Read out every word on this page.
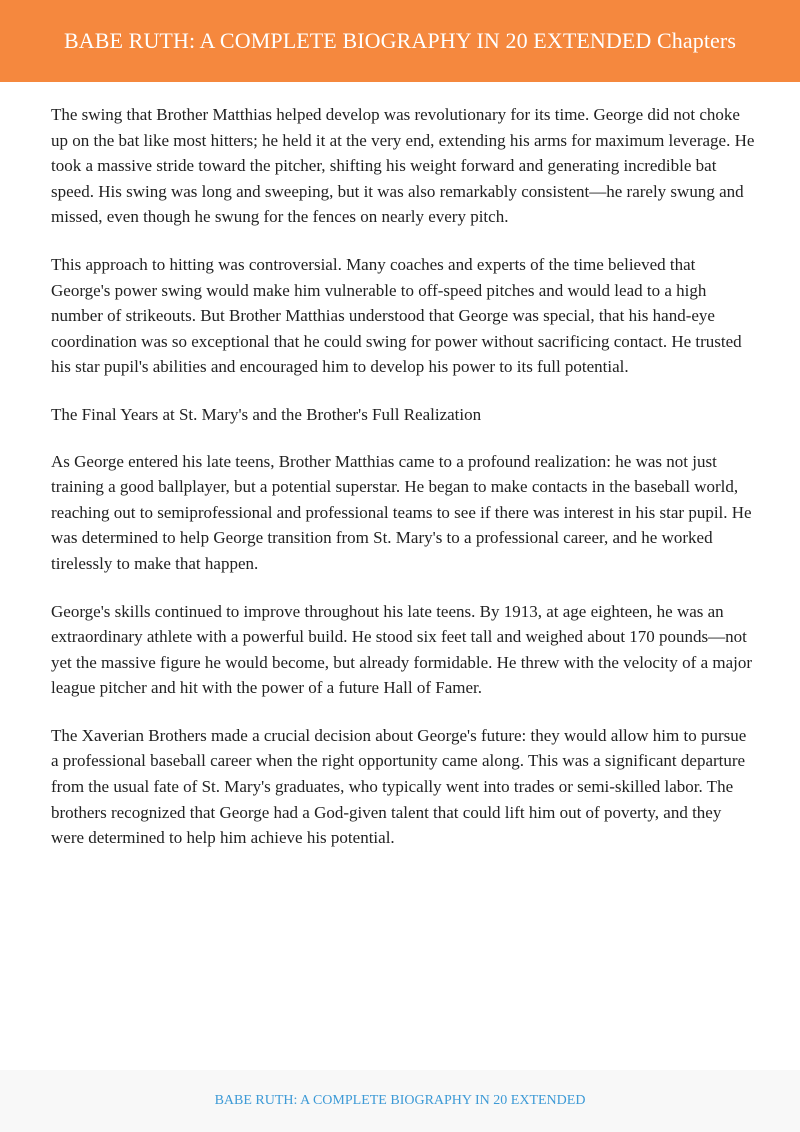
BABE RUTH: A COMPLETE BIOGRAPHY IN 20 EXTENDED Chapters

The swing that Brother Matthias helped develop was revolutionary for its time. George did not choke up on the bat like most hitters; he held it at the very end, extending his arms for maximum leverage. He took a massive stride toward the pitcher, shifting his weight forward and generating incredible bat speed. His swing was long and sweeping, but it was also remarkably consistent—he rarely swung and missed, even though he swung for the fences on nearly every pitch.

This approach to hitting was controversial. Many coaches and experts of the time believed that George's power swing would make him vulnerable to off-speed pitches and would lead to a high number of strikeouts. But Brother Matthias understood that George was special, that his hand-eye coordination was so exceptional that he could swing for power without sacrificing contact. He trusted his star pupil's abilities and encouraged him to develop his power to its full potential.

The Final Years at St. Mary's and the Brother's Full Realization

As George entered his late teens, Brother Matthias came to a profound realization: he was not just training a good ballplayer, but a potential superstar. He began to make contacts in the baseball world, reaching out to semiprofessional and professional teams to see if there was interest in his star pupil. He was determined to help George transition from St. Mary's to a professional career, and he worked tirelessly to make that happen.

George's skills continued to improve throughout his late teens. By 1913, at age eighteen, he was an extraordinary athlete with a powerful build. He stood six feet tall and weighed about 170 pounds—not yet the massive figure he would become, but already formidable. He threw with the velocity of a major league pitcher and hit with the power of a future Hall of Famer.

The Xaverian Brothers made a crucial decision about George's future: they would allow him to pursue a professional baseball career when the right opportunity came along. This was a significant departure from the usual fate of St. Mary's graduates, who typically went into trades or semi-skilled labor. The brothers recognized that George had a God-given talent that could lift him out of poverty, and they were determined to help him achieve his potential.

BABE RUTH: A COMPLETE BIOGRAPHY IN 20 EXTENDED
